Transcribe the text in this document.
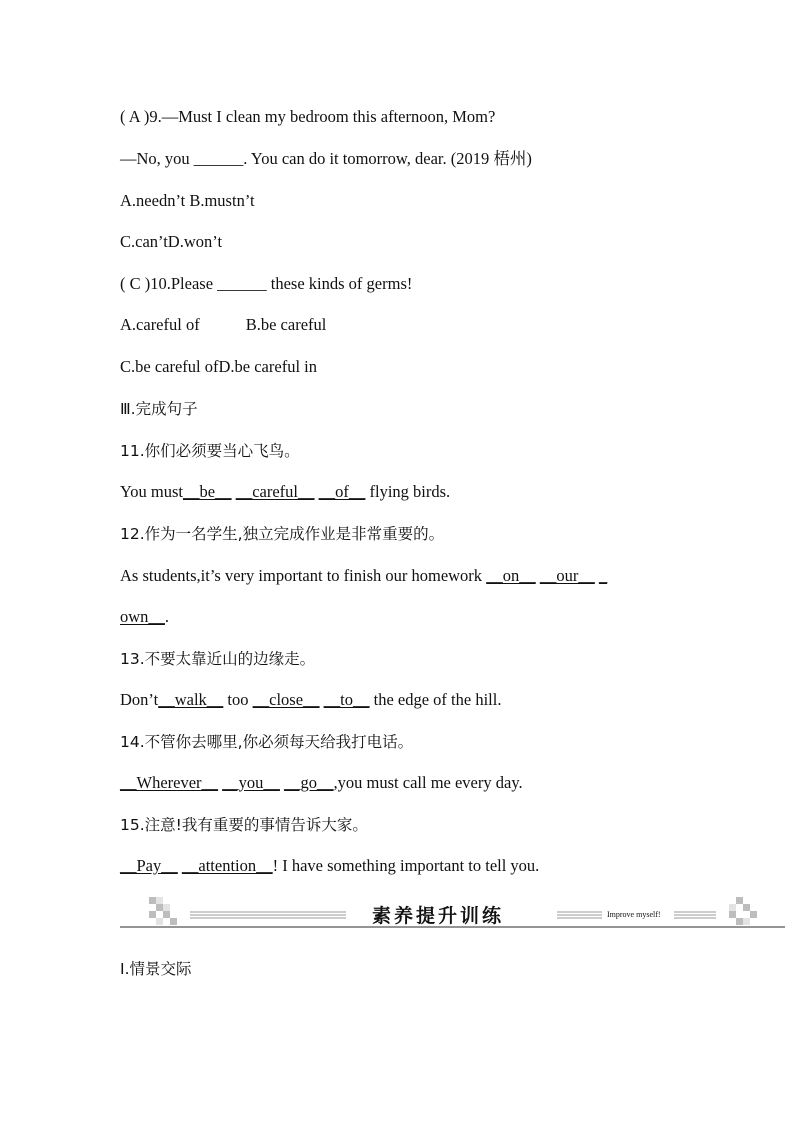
( A )9.—Must I clean my bedroom this afternoon, Mom?
—No, you ______. You can do it tomorrow, dear. (2019 梧州)
A.needn’t B.mustn’t
C.can’tD.won’t
( C )10.Please ______ these kinds of germs!
A.careful of	B.be careful
C.be careful ofD.be careful in
Ⅲ.完成句子
11.你们必须要当心飞鸟。
You must__be__ __careful__ __of__ flying birds.
12.作为一名学生,独立完成作业是非常重要的。
As students,it’s very important to finish our homework __on__ __our__ _
own__.
13.不要太靠近山的边缘走。
Don’t__walk__ too __close__ __to__ the edge of the hill.
14.不管你去哪里,你必须每天给我打电话。
__Wherever__ __you__ __go__,you must call me every day.
15.注意!我有重要的事情告诉大家。
__Pay__ __attention__! I have something important to tell you.
素养提升训练	Improve myself!
Ⅰ.情景交际
